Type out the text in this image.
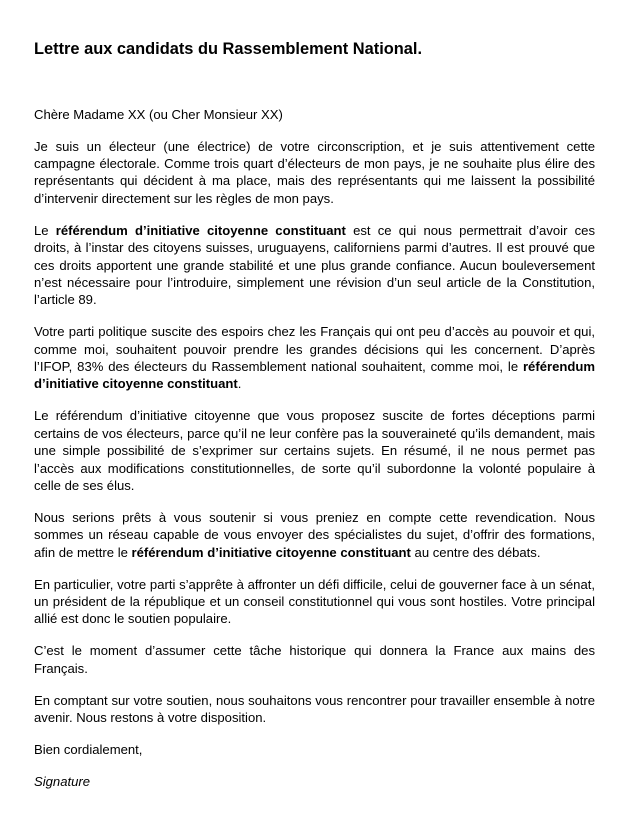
Lettre aux candidats du Rassemblement National.

Chère Madame XX (ou Cher Monsieur XX)

Je suis un électeur (une électrice) de votre circonscription, et je suis attentivement cette campagne électorale. Comme trois quart d’électeurs de mon pays, je ne souhaite plus élire des représentants qui décident à ma place, mais des représentants qui me laissent la possibilité d’intervenir directement sur les règles de mon pays.

Le référendum d’initiative citoyenne constituant est ce qui nous permettrait d’avoir ces droits, à l’instar des citoyens suisses, uruguayens, californiens parmi d’autres. Il est prouvé que ces droits apportent une grande stabilité et une plus grande confiance. Aucun bouleversement n’est nécessaire pour l’introduire, simplement une révision d’un seul article de la Constitution, l’article 89.

Votre parti politique suscite des espoirs chez les Français qui ont peu d’accès au pouvoir et qui, comme moi, souhaitent pouvoir prendre les grandes décisions qui les concernent. D’après l’IFOP, 83% des électeurs du Rassemblement national souhaitent, comme moi, le référendum d’initiative citoyenne constituant.

Le référendum d’initiative citoyenne que vous proposez suscite de fortes déceptions parmi certains de vos électeurs, parce qu’il ne leur confère pas la souveraineté qu’ils demandent, mais une simple possibilité de s’exprimer sur certains sujets. En résumé, il ne nous permet pas l’accès aux modifications constitutionnelles, de sorte qu’il subordonne la volonté populaire à celle de ses élus.

Nous serions prêts à vous soutenir si vous preniez en compte cette revendication. Nous sommes un réseau capable de vous envoyer des spécialistes du sujet, d’offrir des formations, afin de mettre le référendum d’initiative citoyenne constituant au centre des débats.

En particulier, votre parti s’apprête à affronter un défi difficile, celui de gouverner face à un sénat, un président de la république et un conseil constitutionnel qui vous sont hostiles. Votre principal allié est donc le soutien populaire.

C’est le moment d’assumer cette tâche historique qui donnera la France aux mains des Français.

En comptant sur votre soutien, nous souhaitons vous rencontrer pour travailler ensemble à notre avenir. Nous restons à votre disposition.

Bien cordialement,

Signature
